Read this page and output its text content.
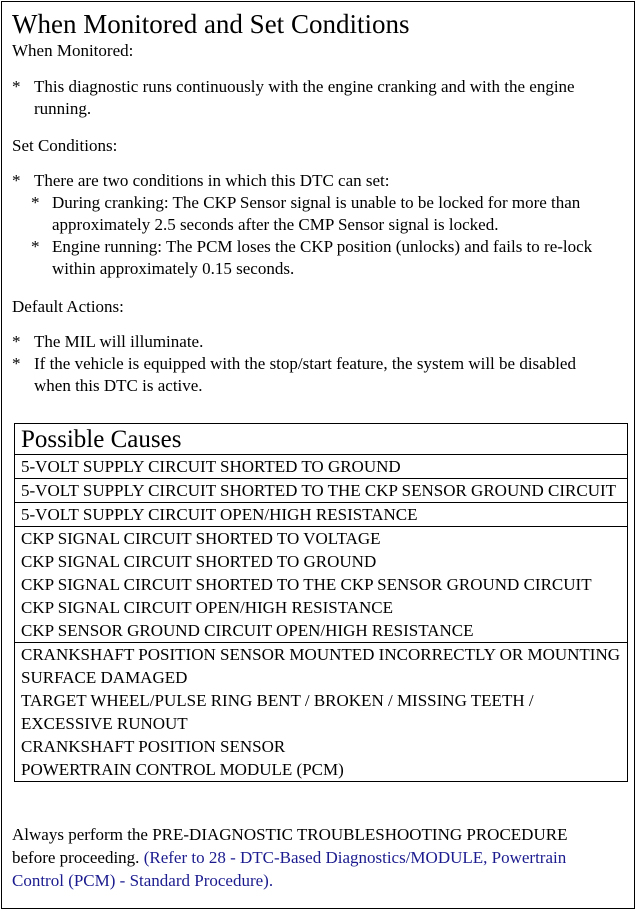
When Monitored and Set Conditions
When Monitored:
* This diagnostic runs continuously with the engine cranking and with the engine running.
Set Conditions:
* There are two conditions in which this DTC can set:
* During cranking: The CKP Sensor signal is unable to be locked for more than approximately 2.5 seconds after the CMP Sensor signal is locked.
* Engine running: The PCM loses the CKP position (unlocks) and fails to re-lock within approximately 0.15 seconds.
Default Actions:
* The MIL will illuminate.
* If the vehicle is equipped with the stop/start feature, the system will be disabled when this DTC is active.
Possible Causes
5-VOLT SUPPLY CIRCUIT SHORTED TO GROUND
5-VOLT SUPPLY CIRCUIT SHORTED TO THE CKP SENSOR GROUND CIRCUIT
5-VOLT SUPPLY CIRCUIT OPEN/HIGH RESISTANCE
CKP SIGNAL CIRCUIT SHORTED TO VOLTAGE
CKP SIGNAL CIRCUIT SHORTED TO GROUND
CKP SIGNAL CIRCUIT SHORTED TO THE CKP SENSOR GROUND CIRCUIT
CKP SIGNAL CIRCUIT OPEN/HIGH RESISTANCE
CKP SENSOR GROUND CIRCUIT OPEN/HIGH RESISTANCE
CRANKSHAFT POSITION SENSOR MOUNTED INCORRECTLY OR MOUNTING SURFACE DAMAGED
TARGET WHEEL/PULSE RING BENT / BROKEN / MISSING TEETH / EXCESSIVE RUNOUT
CRANKSHAFT POSITION SENSOR
POWERTRAIN CONTROL MODULE (PCM)
Always perform the PRE-DIAGNOSTIC TROUBLESHOOTING PROCEDURE before proceeding. (Refer to 28 - DTC-Based Diagnostics/MODULE, Powertrain Control (PCM) - Standard Procedure).
